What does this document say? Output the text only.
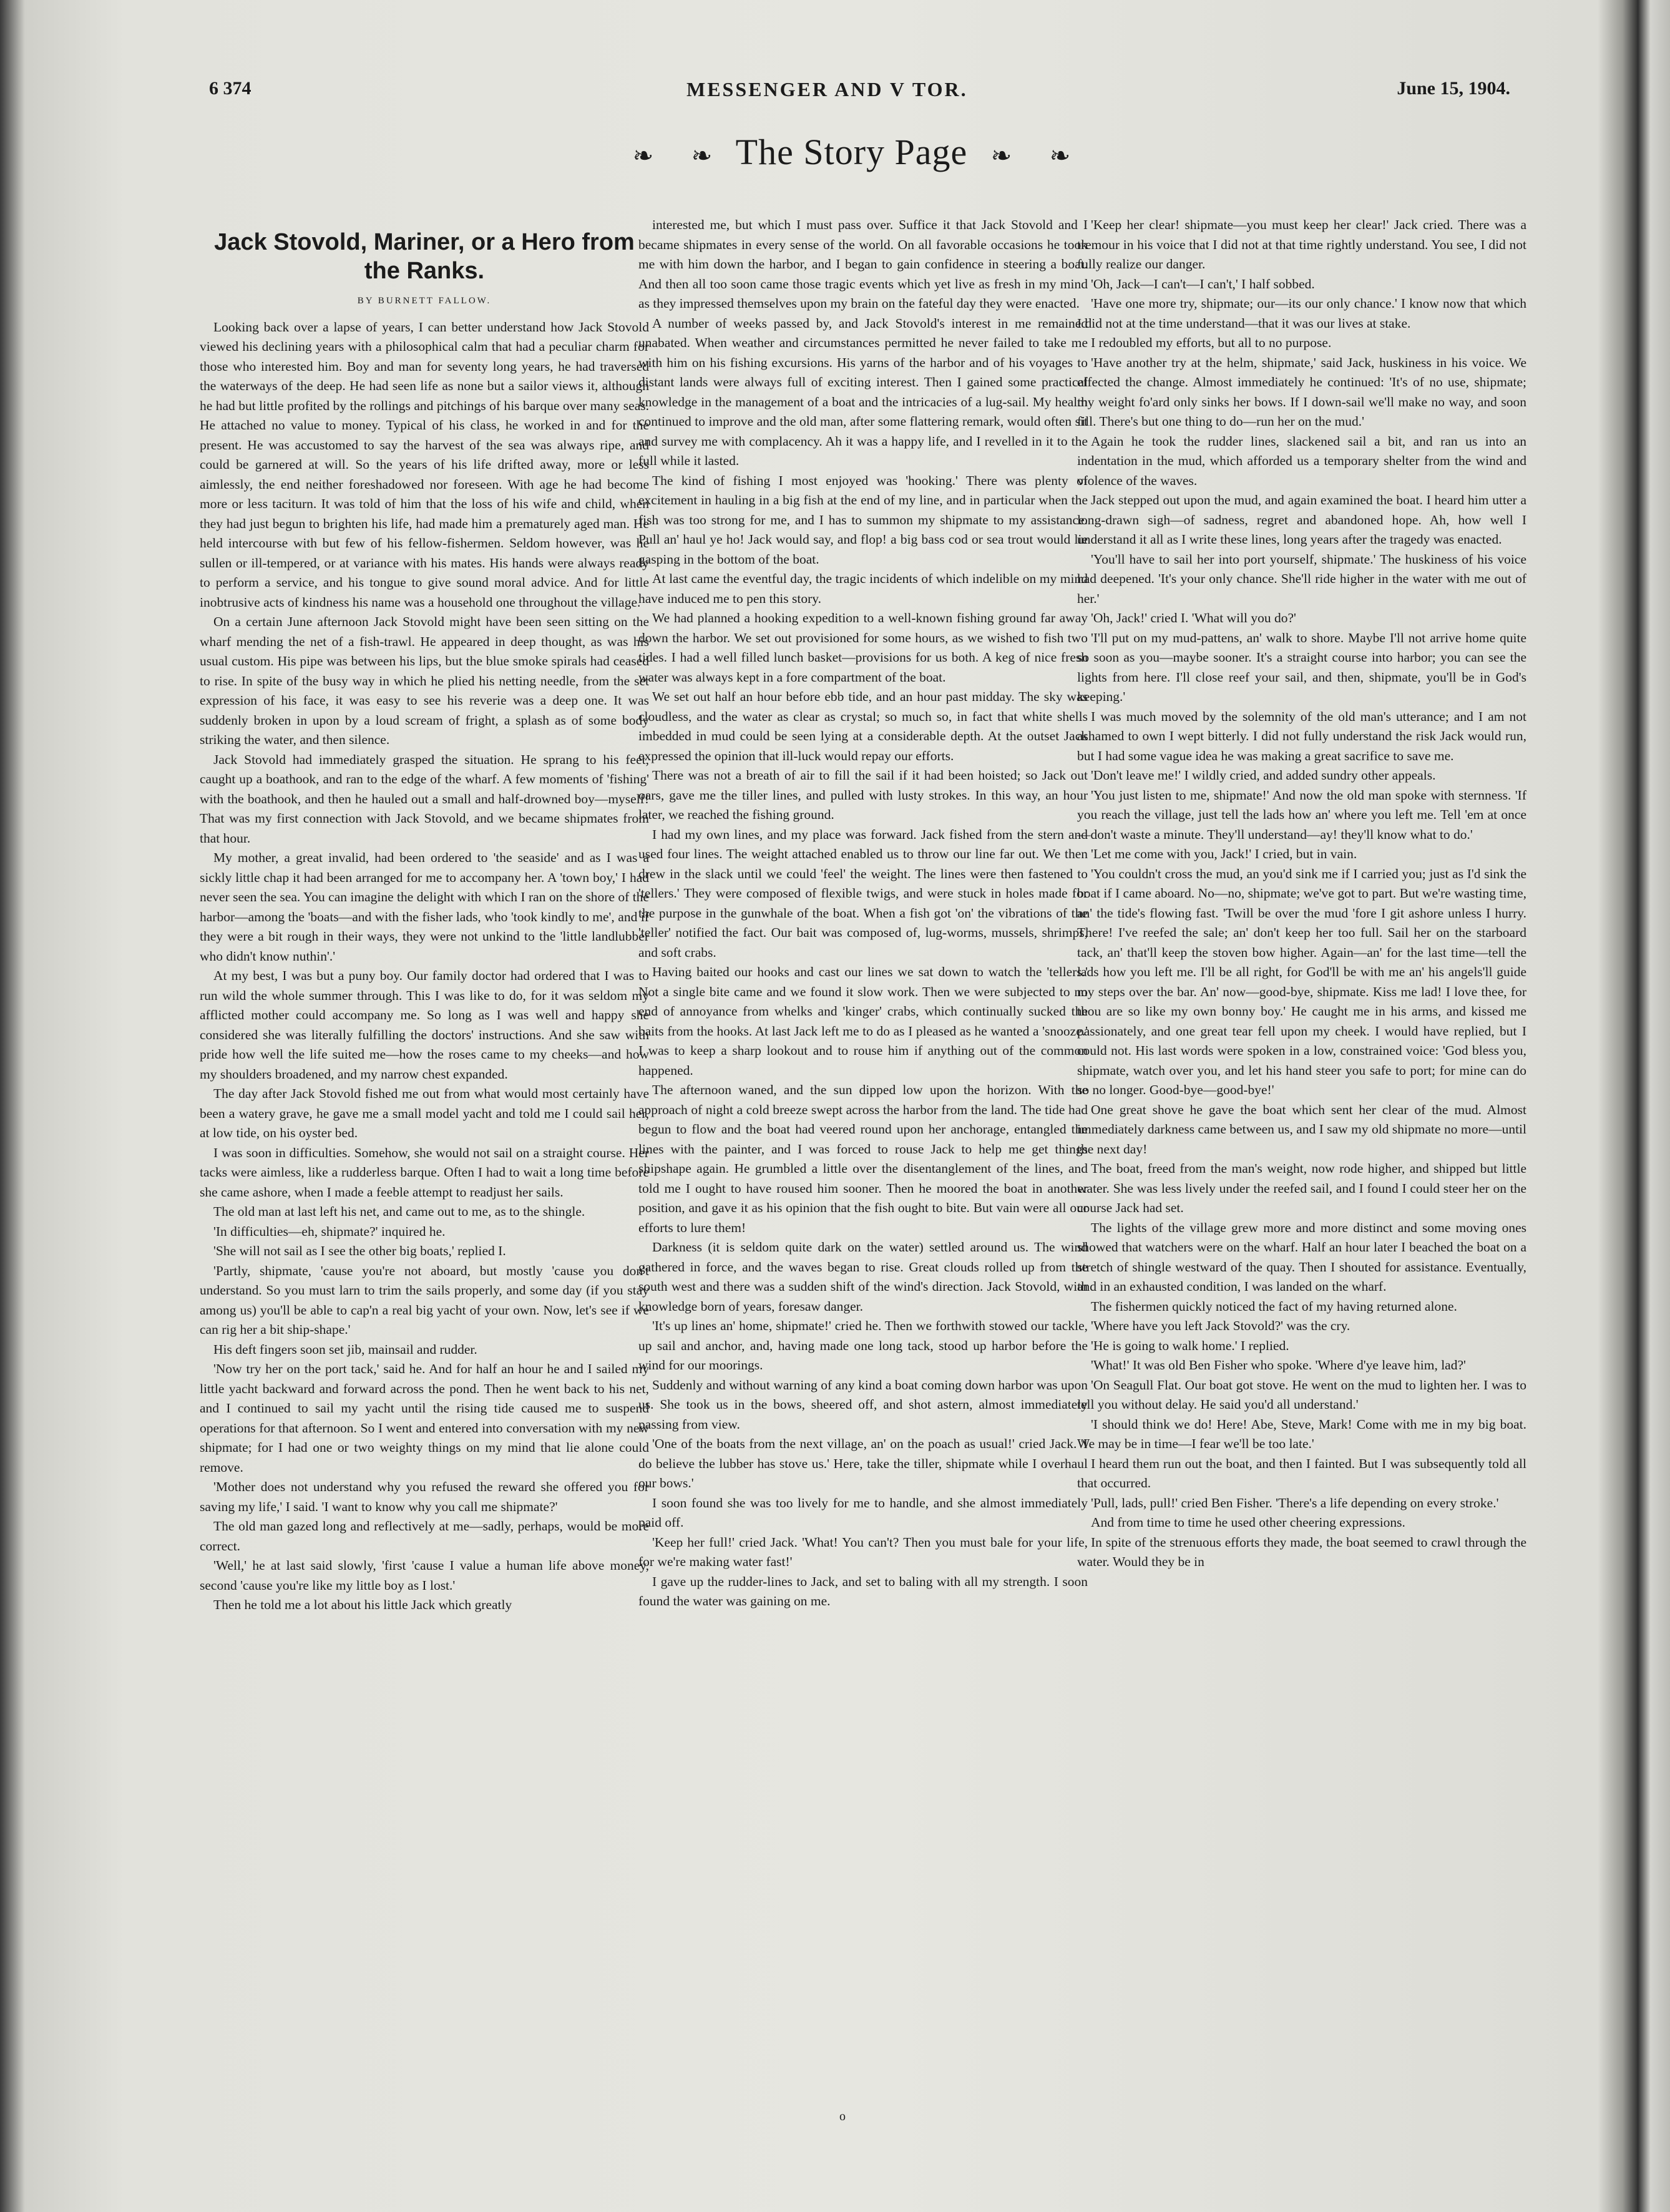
6 374	MESSENGER AND V TOR.	June 15, 1904.
❧ ❧ The Story Page ❧ ❧
Jack Stovold, Mariner, or a Hero from the Ranks.
BY BURNETT FALLOW.

Looking back over a lapse of years, I can better understand how Jack Stovold viewed his declining years with a philosophical calm that had a peculiar charm for those who interested him. Boy and man for seventy long years, he had traversed the waterways of the deep. He had seen life as none but a sailor views it, although he had but little profited by the rollings and pitchings of his barque over many seas. He attached no value to money. Typical of his class, he worked in and for the present. He was accustomed to say the harvest of the sea was always ripe, and could be garnered at will. So the years of his life drifted away, more or less aimlessly, the end neither foreshadowed nor foreseen. With age he had become more or less taciturn. It was told of him that the loss of his wife and child, when they had just begun to brighten his life, had made him a prematurely aged man. He held intercourse with but few of his fellow-fishermen. Seldom however, was he sullen or ill-tempered, or at variance with his mates. His hands were always ready to perform a service, and his tongue to give sound moral advice. And for little inobtrusive acts of kindness his name was a household one throughout the village.

On a certain June afternoon Jack Stovold might have been seen sitting on the wharf mending the net of a fish-trawl. He appeared in deep thought, as was his usual custom. His pipe was between his lips, but the blue smoke spirals had ceased to rise. In spite of the busy way in which he plied his netting needle, from the set expression of his face, it was easy to see his reverie was a deep one. It was suddenly broken in upon by a loud scream of fright, a splash as of some body striking the water, and then silence.

Jack Stovold had immediately grasped the situation. He sprang to his feet, caught up a boathook, and ran to the edge of the wharf. A few moments of 'fishing' with the boathook, and then he hauled out a small and half-drowned boy—myself! That was my first connection with Jack Stovold, and we became shipmates from that hour.

My mother, a great invalid, had been ordered to 'the seaside' and as I was a sickly little chap it had been arranged for me to accompany her. A 'town boy,' I had never seen the sea. You can imagine the delight with which I ran on the shore of the harbor—among the 'boats—and with the fisher lads, who 'took kindly to me', and if they were a bit rough in their ways, they were not unkind to the 'little landlubber who didn't know nuthin'.'

At my best, I was but a puny boy. Our family doctor had ordered that I was to run wild the whole summer through. This I was like to do, for it was seldom my afflicted mother could accompany me. So long as I was well and happy she considered she was literally fulfilling the doctors' instructions. And she saw with pride how well the life suited me—how the roses came to my cheeks—and how my shoulders broadened, and my narrow chest expanded.

The day after Jack Stovold fished me out from what would most certainly have been a watery grave, he gave me a small model yacht and told me I could sail her, at low tide, on his oyster bed.

I was soon in difficulties. Somehow, she would not sail on a straight course. Her tacks were aimless, like a rudderless barque. Often I had to wait a long time before she came ashore, when I made a feeble attempt to readjust her sails.

The old man at last left his net, and came out to me, as to the shingle.

'In difficulties—eh, shipmate?' inquired he.

'She will not sail as I see the other big boats,' replied I.

'Partly, shipmate, 'cause you're not aboard, but mostly 'cause you don't understand. So you must larn to trim the sails properly, and some day (if you stay among us) you'll be able to cap'n a real big yacht of your own. Now, let's see if we can rig her a bit ship-shape.'

His deft fingers soon set jib, mainsail and rudder.

'Now try her on the port tack,' said he. And for half an hour he and I sailed my little yacht backward and forward across the pond. Then he went back to his net, and I continued to sail my yacht until the rising tide caused me to suspend operations for that afternoon. So I went and entered into conversation with my new shipmate; for I had one or two weighty things on my mind that lie alone could remove.

'Mother does not understand why you refused the reward she offered you for saving my life,' I said. 'I want to know why you call me shipmate?'

The old man gazed long and reflectively at me—sadly, perhaps, would be more correct.

'Well,' he at last said slowly, 'first 'cause I value a human life above money, second 'cause you're like my little boy as I lost.'

Then he told me a lot about his little Jack which greatly

interested me, but which I must pass over. Suffice it that Jack Stovold and I became shipmates in every sense of the world. On all favorable occasions he took me with him down the harbor, and I began to gain confidence in steering a boat. And then all too soon came those tragic events which yet live as fresh in my mind as they impressed themselves upon my brain on the fateful day they were enacted.

A number of weeks passed by, and Jack Stovold's interest in me remained unabated. When weather and circumstances permitted he never failed to take me with him on his fishing excursions. His yarns of the harbor and of his voyages to distant lands were always full of exciting interest. Then I gained some practical knowledge in the management of a boat and the intricacies of a lug-sail. My health continued to improve and the old man, after some flattering remark, would often sit and survey me with complacency. Ah it was a happy life, and I revelled in it to the full while it lasted.

The kind of fishing I most enjoyed was 'hooking.' There was plenty of excitement in hauling in a big fish at the end of my line, and in particular when the fish was too strong for me, and I has to summon my shipmate to my assistance. Pull an' haul ye ho! Jack would say, and flop! a big bass cod or sea trout would lie gasping in the bottom of the boat.

At last came the eventful day, the tragic incidents of which indelible on my mind have induced me to pen this story.

We had planned a hooking expedition to a well-known fishing ground far away down the harbor. We set out provisioned for some hours, as we wished to fish two tides. I had a well filled lunch basket—provisions for us both. A keg of nice fresh water was always kept in a fore compartment of the boat.

We set out half an hour before ebb tide, and an hour past midday. The sky was cloudless, and the water as clear as crystal; so much so, in fact that white shells imbedded in mud could be seen lying at a considerable depth. At the outset Jack expressed the opinion that ill-luck would repay our efforts.

There was not a breath of air to fill the sail if it had been hoisted; so Jack out oars, gave me the tiller lines, and pulled with lusty strokes. In this way, an hour later, we reached the fishing ground.

I had my own lines, and my place was forward. Jack fished from the stern and used four lines. The weight attached enabled us to throw our line far out. We then drew in the slack until we could 'feel' the weight. The lines were then fastened to 'tellers.' They were composed of flexible twigs, and were stuck in holes made for the purpose in the gunwhale of the boat. When a fish got 'on' the vibrations of the 'teller' notified the fact. Our bait was composed of, lug-worms, mussels, shrimps, and soft crabs.

Having baited our hooks and cast our lines we sat down to watch the 'tellers.' Not a single bite came and we found it slow work. Then we were subjected to no end of annoyance from whelks and 'kinger' crabs, which continually sucked the baits from the hooks. At last Jack left me to do as I pleased as he wanted a 'snooze.' I was to keep a sharp lookout and to rouse him if anything out of the common happened.

The afternoon waned, and the sun dipped low upon the horizon. With the approach of night a cold breeze swept across the harbor from the land. The tide had begun to flow and the boat had veered round upon her anchorage, entangled the lines with the painter, and I was forced to rouse Jack to help me get things shipshape again. He grumbled a little over the disentanglement of the lines, and told me I ought to have roused him sooner. Then he moored the boat in another position, and gave it as his opinion that the fish ought to bite. But vain were all our efforts to lure them!

Darkness (it is seldom quite dark on the water) settled around us. The wind gathered in force, and the waves began to rise. Great clouds rolled up from the south west and there was a sudden shift of the wind's direction. Jack Stovold, with knowledge born of years, foresaw danger.

'It's up lines an' home, shipmate!' cried he. Then we forthwith stowed our tackle, up sail and anchor, and, having made one long tack, stood up harbor before the wind for our moorings.

Suddenly and without warning of any kind a boat coming down harbor was upon us. She took us in the bows, sheered off, and shot astern, almost immediately passing from view.

'One of the boats from the next village, an' on the poach as usual!' cried Jack. 'I do believe the lubber has stove us.' Here, take the tiller, shipmate while I overhaul our bows.'

I soon found she was too lively for me to handle, and she almost immediately paid off.

'Keep her full!' cried Jack. 'What! You can't? Then you must bale for your life, for we're making water fast!'

I gave up the rudder-lines to Jack, and set to baling with all my strength. I soon found the water was gaining on me.

'Keep her clear! shipmate—you must keep her clear!' Jack cried. There was a tremour in his voice that I did not at that time rightly understand. You see, I did not fully realize our danger.

'Oh, Jack—I can't—I can't,' I half sobbed.

'Have one more try, shipmate; our—its our only chance.' I know now that which I did not at the time understand—that it was our lives at stake.

I redoubled my efforts, but all to no purpose.

'Have another try at the helm, shipmate,' said Jack, huskiness in his voice. We effected the change. Almost immediately he continued: 'It's of no use, shipmate; my weight fo'ard only sinks her bows. If I down-sail we'll make no way, and soon fill. There's but one thing to do—run her on the mud.'

Again he took the rudder lines, slackened sail a bit, and ran us into an indentation in the mud, which afforded us a temporary shelter from the wind and violence of the waves.

Jack stepped out upon the mud, and again examined the boat. I heard him utter a long-drawn sigh—of sadness, regret and abandoned hope. Ah, how well I understand it all as I write these lines, long years after the tragedy was enacted.

'You'll have to sail her into port yourself, shipmate.' The huskiness of his voice had deepened. 'It's your only chance. She'll ride higher in the water with me out of her.'

'Oh, Jack!' cried I. 'What will you do?'

'I'll put on my mud-pattens, an' walk to shore. Maybe I'll not arrive home quite so soon as you—maybe sooner. It's a straight course into harbor; you can see the lights from here. I'll close reef your sail, and then, shipmate, you'll be in God's keeping.'

I was much moved by the solemnity of the old man's utterance; and I am not ashamed to own I wept bitterly. I did not fully understand the risk Jack would run, but I had some vague idea he was making a great sacrifice to save me.

'Don't leave me!' I wildly cried, and added sundry other appeals.

'You just listen to me, shipmate!' And now the old man spoke with sternness. 'If you reach the village, just tell the lads how an' where you left me. Tell 'em at once—don't waste a minute. They'll understand—ay! they'll know what to do.'

'Let me come with you, Jack!' I cried, but in vain.

'You couldn't cross the mud, an you'd sink me if I carried you; just as I'd sink the boat if I came aboard. No—no, shipmate; we've got to part. But we're wasting time, an' the tide's flowing fast. 'Twill be over the mud 'fore I git ashore unless I hurry. There! I've reefed the sale; an' don't keep her too full. Sail her on the starboard tack, an' that'll keep the stoven bow higher. Again—an' for the last time—tell the lads how you left me. I'll be all right, for God'll be with me an' his angels'll guide my steps over the bar. An' now—good-bye, shipmate. Kiss me lad! I love thee, for thou are so like my own bonny boy.' He caught me in his arms, and kissed me passionately, and one great tear fell upon my cheek. I would have replied, but I could not. His last words were spoken in a low, constrained voice: 'God bless you, shipmate, watch over you, and let his hand steer you safe to port; for mine can do so no longer. Good-bye—good-bye!'

One great shove he gave the boat which sent her clear of the mud. Almost immediately darkness came between us, and I saw my old shipmate no more—until the next day!

The boat, freed from the man's weight, now rode higher, and shipped but little water. She was less lively under the reefed sail, and I found I could steer her on the course Jack had set.

The lights of the village grew more and more distinct and some moving ones showed that watchers were on the wharf. Half an hour later I beached the boat on a stretch of shingle westward of the quay. Then I shouted for assistance. Eventually, and in an exhausted condition, I was landed on the wharf.

The fishermen quickly noticed the fact of my having returned alone.

'Where have you left Jack Stovold?' was the cry.

'He is going to walk home.' I replied.

'What!' It was old Ben Fisher who spoke. 'Where d'ye leave him, lad?'

'On Seagull Flat. Our boat got stove. He went on the mud to lighten her. I was to tell you without delay. He said you'd all understand.'

'I should think we do! Here! Abe, Steve, Mark! Come with me in my big boat. We may be in time—I fear we'll be too late.'

I heard them run out the boat, and then I fainted. But I was subsequently told all that occurred.

'Pull, lads, pull!' cried Ben Fisher. 'There's a life depending on every stroke.'

And from time to time he used other cheering expressions.

In spite of the strenuous efforts they made, the boat seemed to crawl through the water. Would they be in

o
